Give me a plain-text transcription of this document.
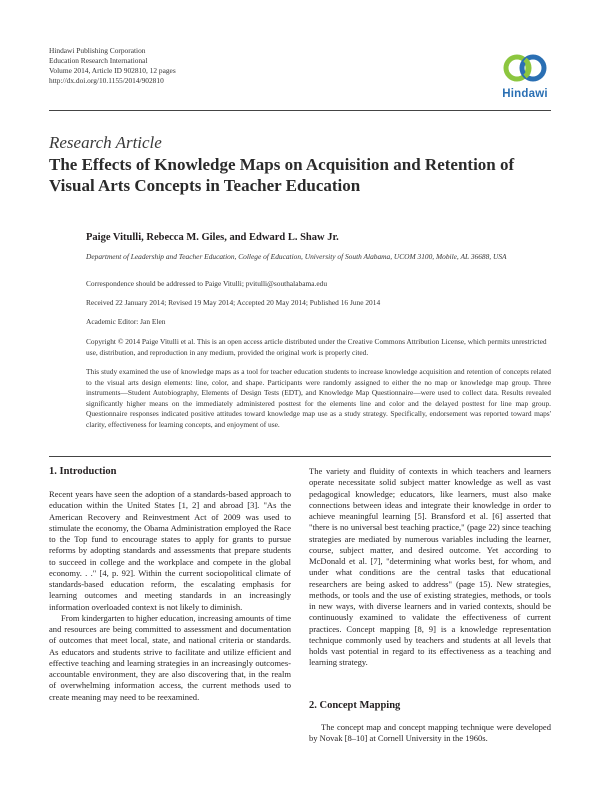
Hindawi Publishing Corporation
Education Research International
Volume 2014, Article ID 902810, 12 pages
http://dx.doi.org/10.1155/2014/902810
Hindawi
Research Article
The Effects of Knowledge Maps on Acquisition and Retention of Visual Arts Concepts in Teacher Education
Paige Vitulli, Rebecca M. Giles, and Edward L. Shaw Jr.
Department of Leadership and Teacher Education, College of Education, University of South Alabama, UCOM 3100, Mobile, AL 36688, USA
Correspondence should be addressed to Paige Vitulli; pvitulli@southalabama.edu
Received 22 January 2014; Revised 19 May 2014; Accepted 20 May 2014; Published 16 June 2014
Academic Editor: Jan Elen
Copyright © 2014 Paige Vitulli et al. This is an open access article distributed under the Creative Commons Attribution License, which permits unrestricted use, distribution, and reproduction in any medium, provided the original work is properly cited.
This study examined the use of knowledge maps as a tool for teacher education students to increase knowledge acquisition and retention of concepts related to the visual arts design elements: line, color, and shape. Participants were randomly assigned to either the no map or knowledge map group. Three instruments—Student Autobiography, Elements of Design Tests (EDT), and Knowledge Map Questionnaire—were used to collect data. Results revealed significantly higher means on the immediately administered posttest for the elements line and color and the delayed posttest for line map group. Questionnaire responses indicated positive attitudes toward knowledge map use as a study strategy. Specifically, endorsement was reported toward maps' clarity, effectiveness for learning concepts, and enjoyment of use.
1. Introduction

Recent years have seen the adoption of a standards-based approach to education within the United States [1, 2] and abroad [3]. "As the American Recovery and Reinvestment Act of 2009 was used to stimulate the economy, the Obama Administration employed the Race to the Top fund to encourage states to apply for grants to pursue reforms by adopting standards and assessments that prepare students to succeed in college and the workplace and compete in the global economy. . ." [4, p. 92]. Within the current sociopolitical climate of standards-based education reform, the escalating emphasis for learning outcomes and meeting standards in an increasingly information overloaded context is not likely to diminish.

From kindergarten to higher education, increasing amounts of time and resources are being committed to assessment and documentation of outcomes that meet local, state, and national criteria or standards. As educators and students strive to facilitate and utilize efficient and effective teaching and learning strategies in an increasingly outcomes-accountable environment, they are also discovering that, in the realm of overwhelming information access, the current methods used to create meaning may need to be reexamined.

The variety and fluidity of contexts in which teachers and learners operate necessitate solid subject matter knowledge as well as vast pedagogical knowledge; educators, like learners, must also make connections between ideas and integrate their knowledge in order to achieve meaningful learning [5]. Bransford et al. [6] asserted that "there is no universal best teaching practice," (page 22) since teaching strategies are mediated by numerous variables including the learner, course, subject matter, and desired outcome. Yet according to McDonald et al. [7], "determining what works best, for whom, and under what conditions are the central tasks that educational researchers are being asked to address" (page 15). New strategies, methods, or tools and the use of existing strategies, methods, or tools in new ways, with diverse learners and in varied contexts, should be continuously examined to validate the effectiveness of current practices. Concept mapping [8, 9] is a knowledge representation technique commonly used by teachers and students at all levels that holds vast potential in regard to its effectiveness as a teaching and learning strategy.

2. Concept Mapping

The concept map and concept mapping technique were developed by Novak [8–10] at Cornell University in the 1960s.
